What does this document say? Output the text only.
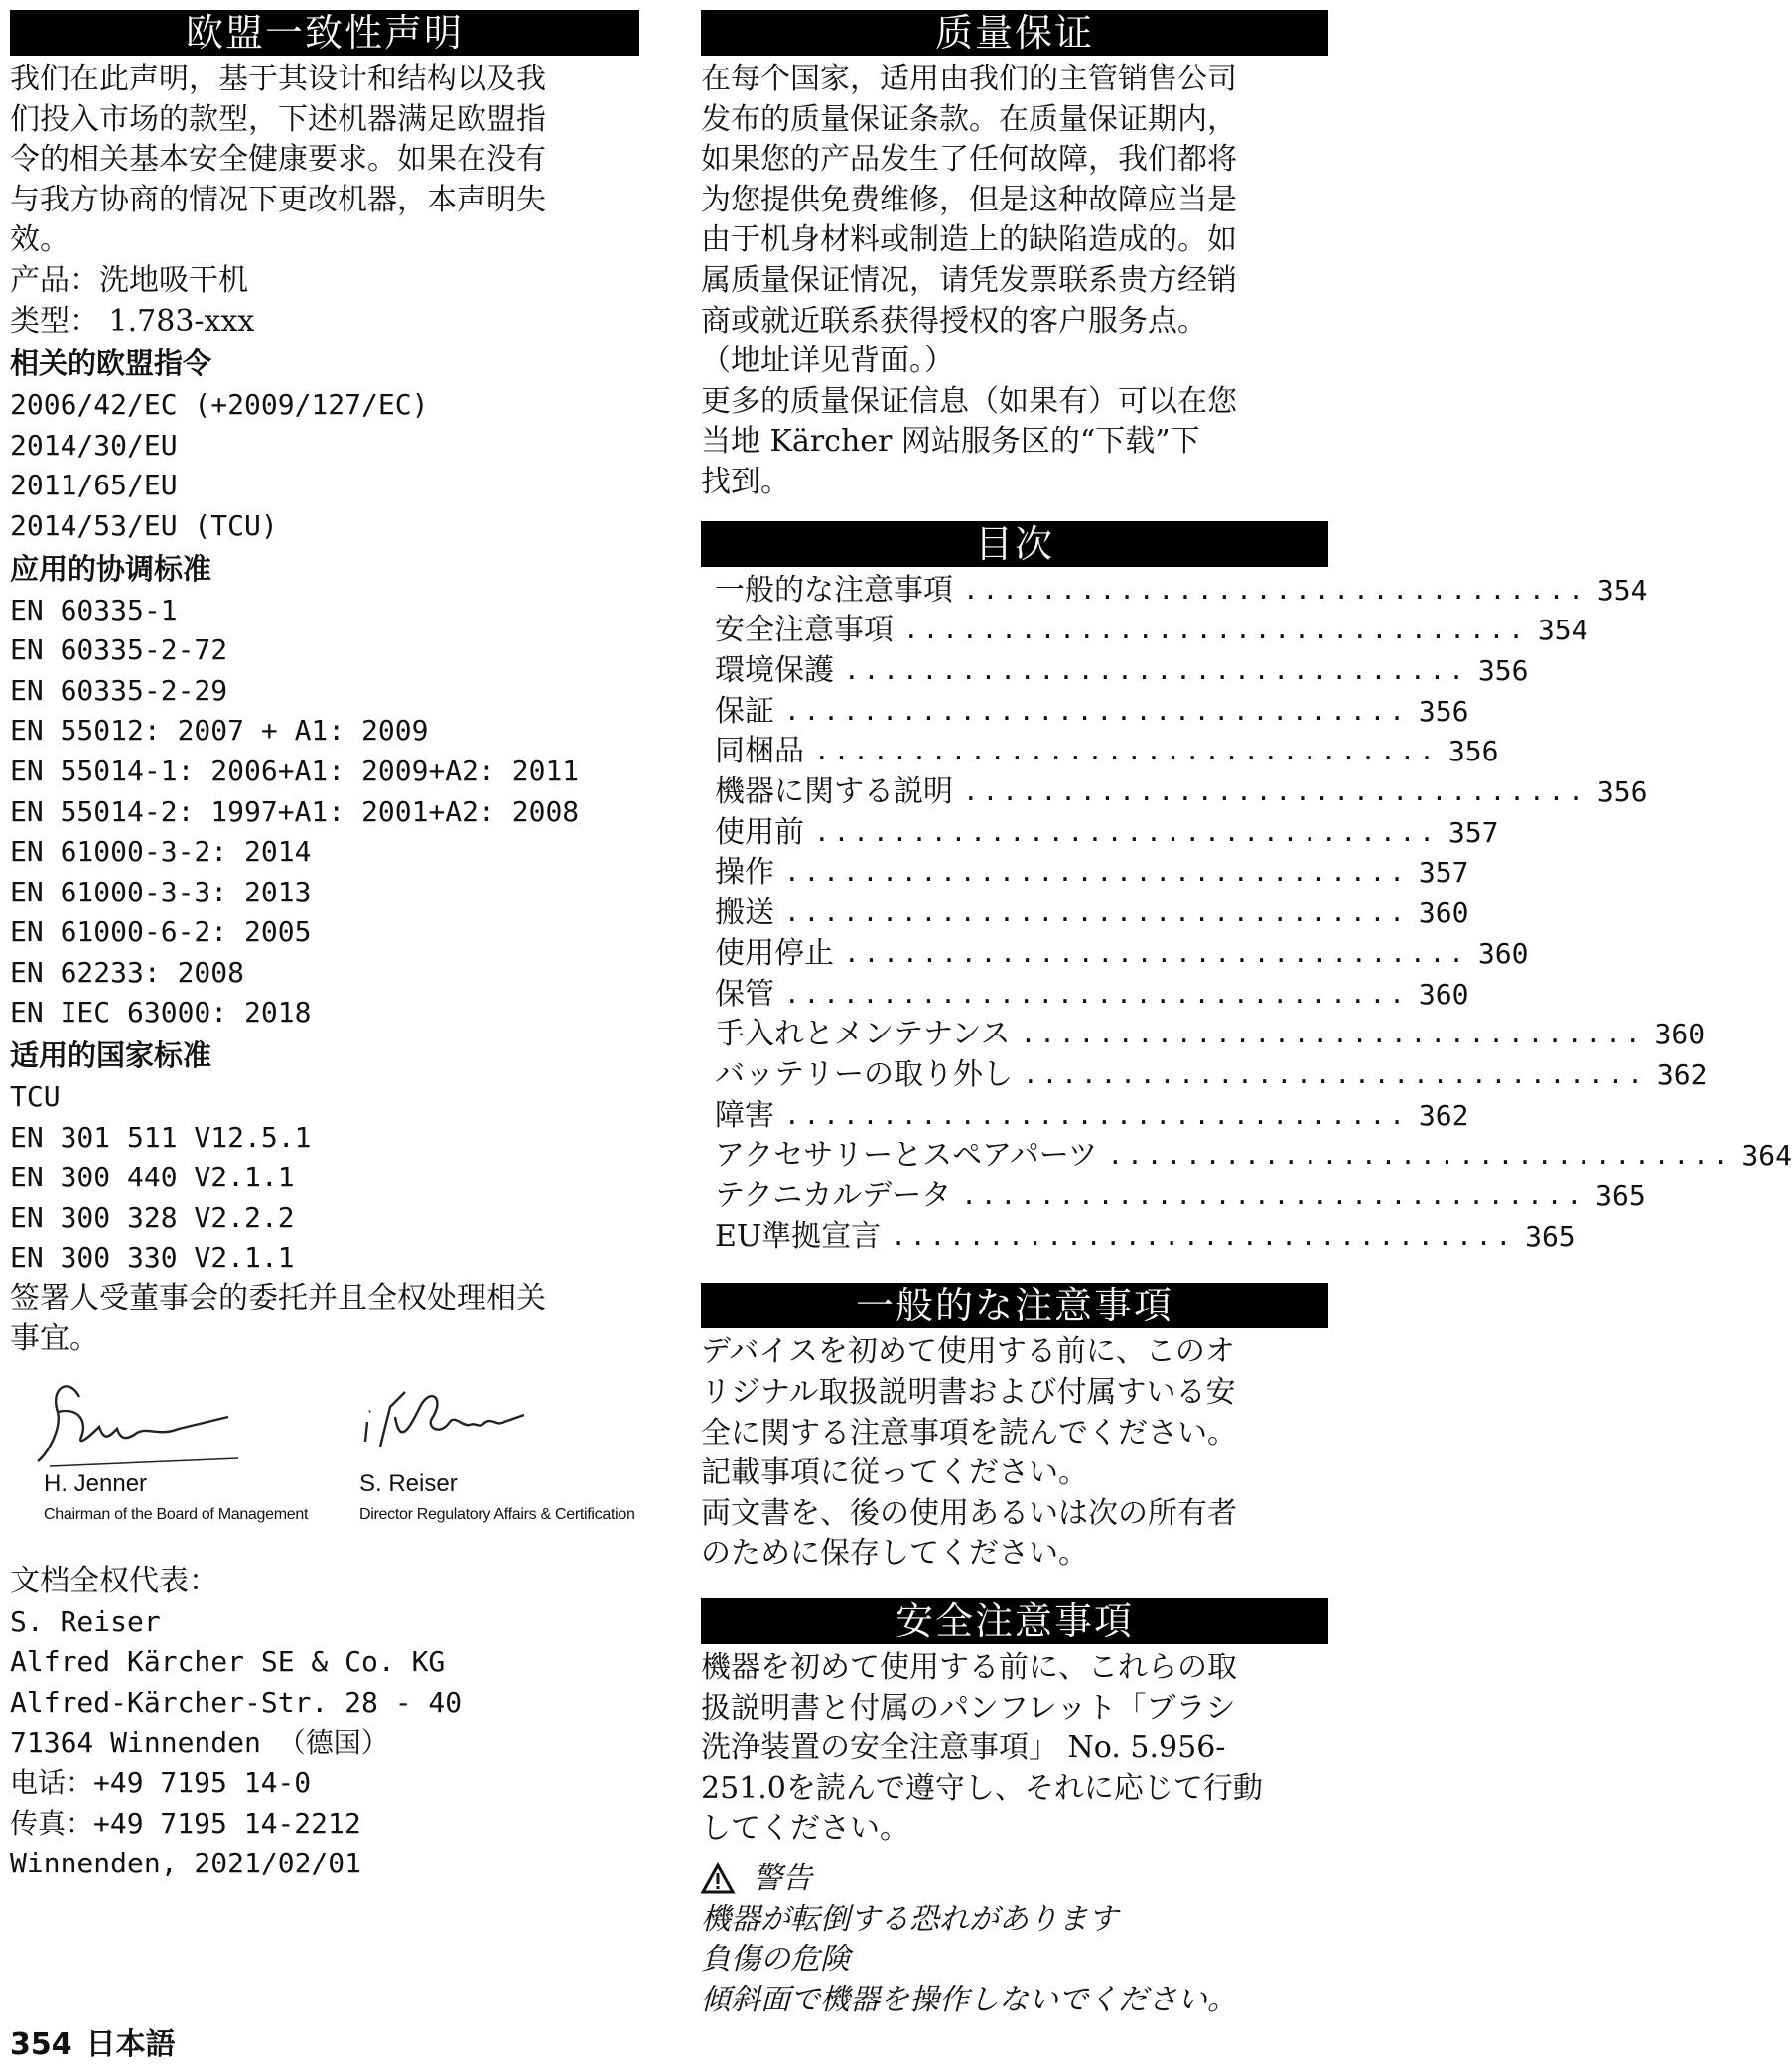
欧盟一致性声明
我们在此声明，基于其设计和结构以及我
们投入市场的款型，下述机器满足欧盟指
令的相关基本安全健康要求。如果在没有
与我方协商的情况下更改机器，本声明失
效。
产品：洗地吸干机
类型： 1.783-xxx
相关的欧盟指令
2006/42/EC (+2009/127/EC)
2014/30/EU
2011/65/EU
2014/53/EU (TCU)
应用的协调标准
EN 60335-1
EN 60335-2-72
EN 60335-2-29
EN 55012: 2007 + A1: 2009
EN 55014-1: 2006+A1: 2009+A2: 2011
EN 55014-2: 1997+A1: 2001+A2: 2008
EN 61000-3-2: 2014
EN 61000-3-3: 2013
EN 61000-6-2: 2005
EN 62233: 2008
EN IEC 63000: 2018
适用的国家标准
TCU
EN 301 511 V12.5.1
EN 300 440 V2.1.1
EN 300 328 V2.2.2
EN 300 330 V2.1.1
签署人受董事会的委托并且全权处理相关
事宜。
H. Jenner
Chairman of the Board of Management
S. Reiser
Director Regulatory Affairs & Certification
文档全权代表：
S. Reiser
Alfred Kärcher SE & Co. KG
Alfred-Kärcher-Str. 28 - 40
71364 Winnenden （德国）
电话：+49 7195 14-0
传真：+49 7195 14-2212
Winnenden, 2021/02/01
质量保证
在每个国家，适用由我们的主管销售公司
发布的质量保证条款。在质量保证期内，
如果您的产品发生了任何故障，我们都将
为您提供免费维修，但是这种故障应当是
由于机身材料或制造上的缺陷造成的。如
属质量保证情况，请凭发票联系贵方经销
商或就近联系获得授权的客户服务点。
（地址详见背面。）
更多的质量保证信息（如果有）可以在您
当地 Kärcher 网站服务区的“下载”下
找到。
目次
一般的な注意事項 ................................ 354
安全注意事項 ................................ 354
環境保護 ................................ 356
保証 ................................ 356
同梱品 ................................ 356
機器に関する説明 ................................ 356
使用前 ................................ 357
操作 ................................ 357
搬送 ................................ 360
使用停止 ................................ 360
保管 ................................ 360
手入れとメンテナンス ................................ 360
バッテリーの取り外し ................................ 362
障害 ................................ 362
アクセサリーとスペアパーツ ................................ 364
テクニカルデータ ................................ 365
EU準拠宣言 ................................ 365
一般的な注意事項
デバイスを初めて使用する前に、このオ
リジナル取扱説明書および付属すいる安
全に関する注意事項を読んでください。
記載事項に従ってください。
両文書を、後の使用あるいは次の所有者
のために保存してください。
安全注意事項
機器を初めて使用する前に、これらの取
扱説明書と付属のパンフレット「ブラシ
洗浄装置の安全注意事項」 No. 5.956-
251.0を読んで遵守し、それに応じて行動
してください。
警告
機器が転倒する恐れがあります
負傷の危険
傾斜面で機器を操作しないでください。
354 日本語
